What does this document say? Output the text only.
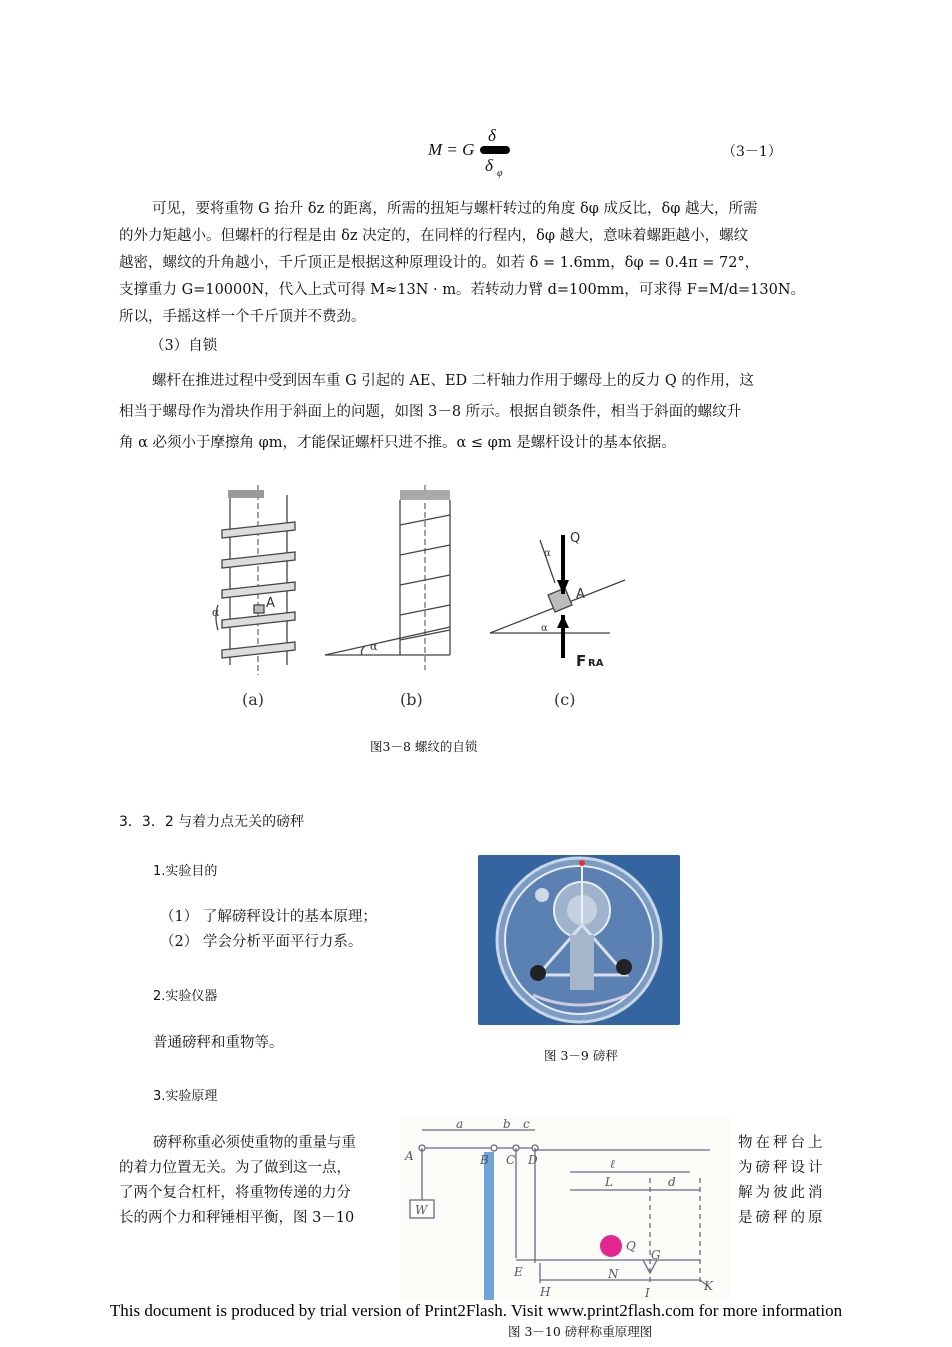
M = G
δ
δ φ
（3－1）

可见，要将重物 G 抬升 δz 的距离，所需的扭矩与螺杆转过的角度 δφ 成反比，δφ 越大，所需

的外力矩越小。但螺杆的行程是由 δz 决定的，在同样的行程内，δφ 越大，意味着螺距越小，螺纹

越密，螺纹的升角越小，千斤顶正是根据这种原理设计的。如若 δ = 1.6mm，δφ = 0.4π = 72°，

支撑重力 G=10000N，代入上式可得 M≈13N · m。若转动力臂 d=100mm，可求得 F=M/d=130N。

所以，手摇这样一个千斤顶并不费劲。

（3）自锁

螺杆在推进过程中受到因车重 G 引起的 AE、ED 二杆轴力作用于螺母上的反力 Q 的作用，这

相当于螺母作为滑块作用于斜面上的问题，如图 3－8 所示。根据自锁条件，相当于斜面的螺纹升

角 α 必须小于摩擦角 φm，才能保证螺杆只进不推。α ≤ φm 是螺杆设计的基本依据。

A
α
α
Q
A
α
α
F RA
(a)	(b)	(c)
图3－8 螺纹的自锁
3．3．2 与着力点无关的磅秤
1.实验目的

（1） 了解磅秤设计的基本原理；

（2） 学会分析平面平行力系。

2.实验仪器
普通磅秤和重物等。
图 3－9 磅秤
3.实验原理

磅秤称重必须使重物的重量与重

的着力位置无关。为了做到这一点，

了两个复合杠杆，将重物传递的力分

长的两个力和秤锤相平衡，图 3－10

物在秤台上

为磅秤设计

解为彼此消

是磅秤的原

a	b c
A	B C D	ℓ
L	d
W
Q
G
E	N
H	I	K
This document is produced by trial version of Print2Flash. Visit www.print2flash.com for more information
图 3－10 磅秤称重原理图
